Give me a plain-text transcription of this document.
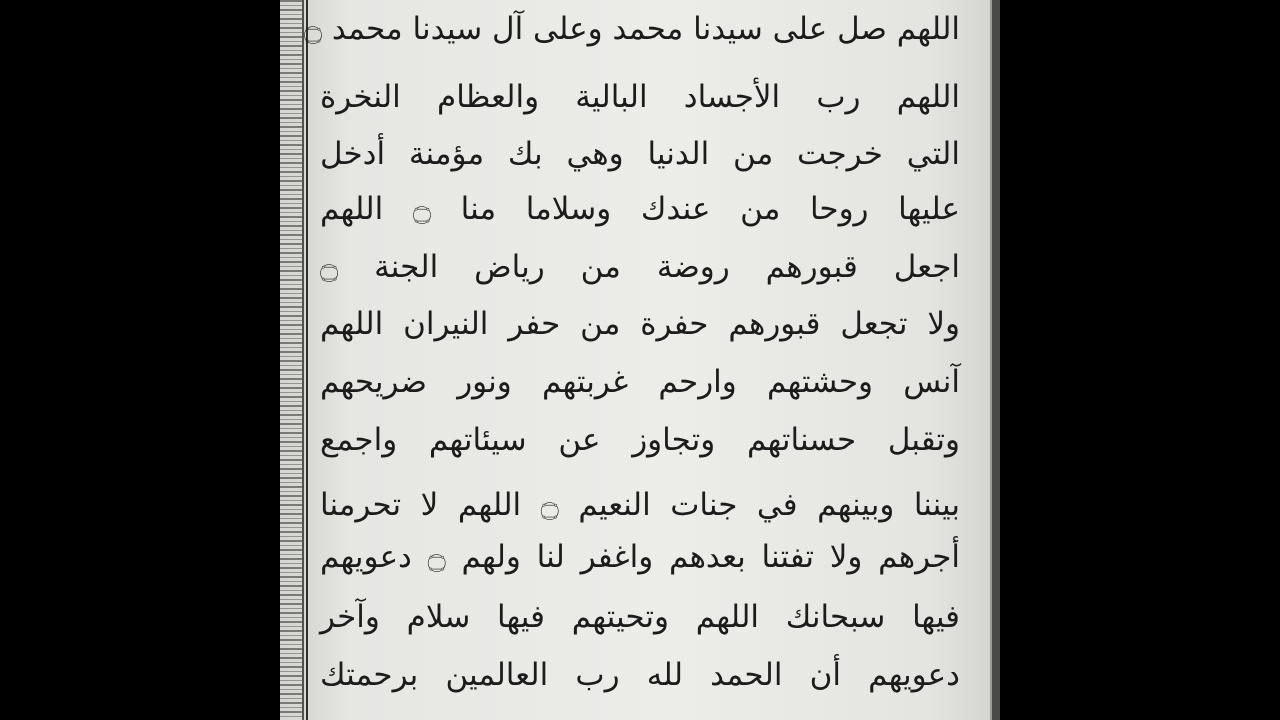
اللهم صل على سيدنا محمد وعلى آل سيدنا محمد ۝
اللهم رب الأجساد البالية والعظام النخرة
التي خرجت من الدنيا وهي بك مؤمنة أدخل
عليها روحا من عندك وسلاما منا ۝ اللهم
اجعل قبورهم روضة من رياض الجنة ۝
ولا تجعل قبورهم حفرة من حفر النيران اللهم
آنس وحشتهم وارحم غربتهم ونور ضريحهم
وتقبل حسناتهم وتجاوز عن سيئاتهم واجمع
بيننا وبينهم في جنات النعيم ۝ اللهم لا تحرمنا
أجرهم ولا تفتنا بعدهم واغفر لنا ولهم ۝ دعويهم
فيها سبحانك اللهم وتحيتهم فيها سلام وآخر
دعويهم أن الحمد لله رب العالمين برحمتك
